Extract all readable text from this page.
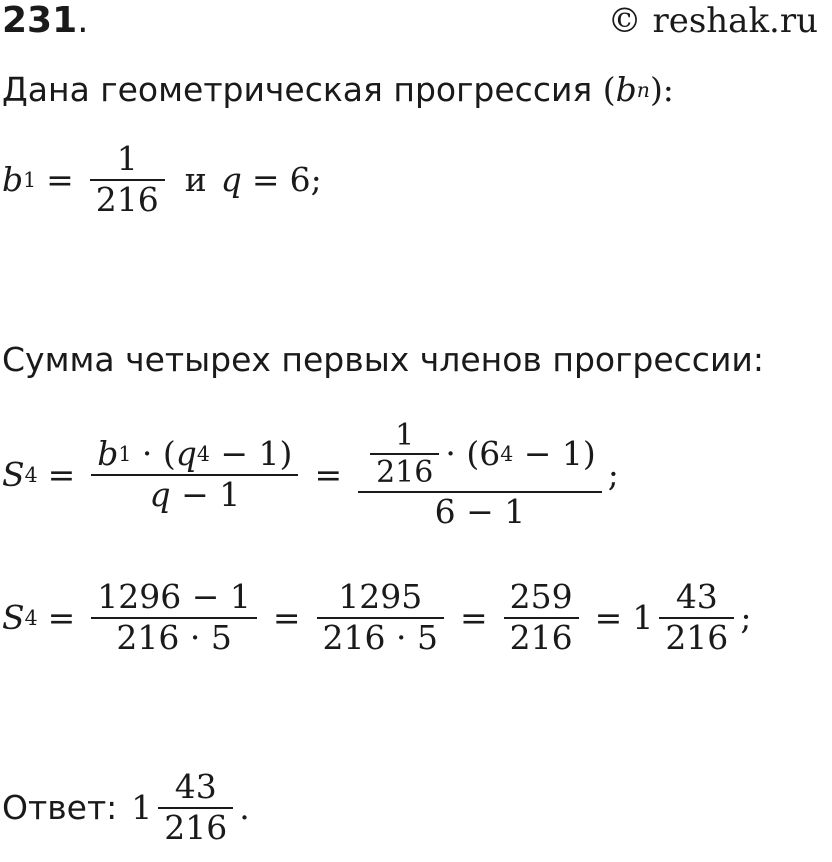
231.	© reshak.ru
Дана геометрическая прогрессия
( b n ):
b $1 = \frac{1}{216}$ и q = 6;
Сумма четырех первых членов прогрессии:
S 4 = b 1
· ( q 4
− 1)
q
− $1 = \frac{1}{216} \cdot (6$ 4
− 1)
6 − 1 ;
S $4 = \frac{1296 - 1}{216 \cdot 5} = \frac{1295}{216 \cdot 5} = \frac{259}{216} = 1 \frac{43}{216}$ ;
Ответ: $1 \frac{43}{216}$ .
